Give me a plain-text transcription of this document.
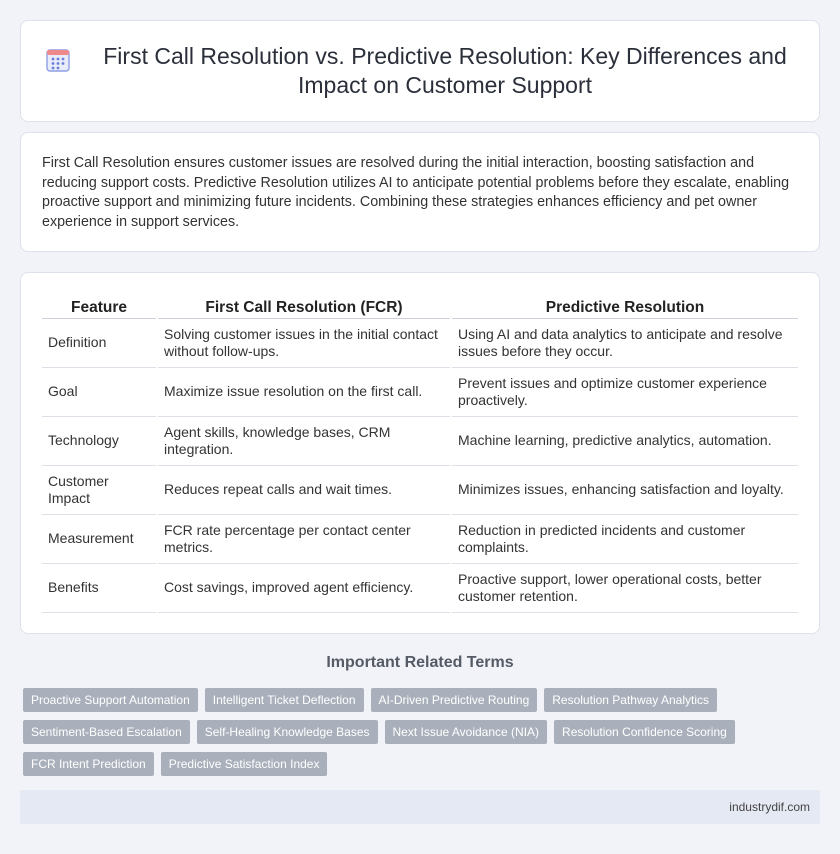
First Call Resolution vs. Predictive Resolution: Key Differences and Impact on Customer Support

First Call Resolution ensures customer issues are resolved during the initial interaction, boosting satisfaction and reducing support costs. Predictive Resolution utilizes AI to anticipate potential problems before they escalate, enabling proactive support and minimizing future incidents. Combining these strategies enhances efficiency and pet owner experience in support services.

Feature		First Call Resolution (FCR)		Predictive Resolution
Definition		Solving customer issues in the initial contact without follow-ups.		Using AI and data analytics to anticipate and resolve issues before they occur.
Goal		Maximize issue resolution on the first call.		Prevent issues and optimize customer experience proactively.
Technology		Agent skills, knowledge bases, CRM integration.		Machine learning, predictive analytics, automation.
Customer Impact		Reduces repeat calls and wait times.		Minimizes issues, enhancing satisfaction and loyalty.
Measurement		FCR rate percentage per contact center metrics.		Reduction in predicted incidents and customer complaints.
Benefits		Cost savings, improved agent efficiency.		Proactive support, lower operational costs, better customer retention.
Important Related Terms
Proactive Support Automation	Intelligent Ticket Deflection	AI-Driven Predictive Routing	Resolution Pathway Analytics
Sentiment-Based Escalation	Self-Healing Knowledge Bases	Next Issue Avoidance (NIA)	Resolution Confidence Scoring
FCR Intent Prediction	Predictive Satisfaction Index
industrydif.com
